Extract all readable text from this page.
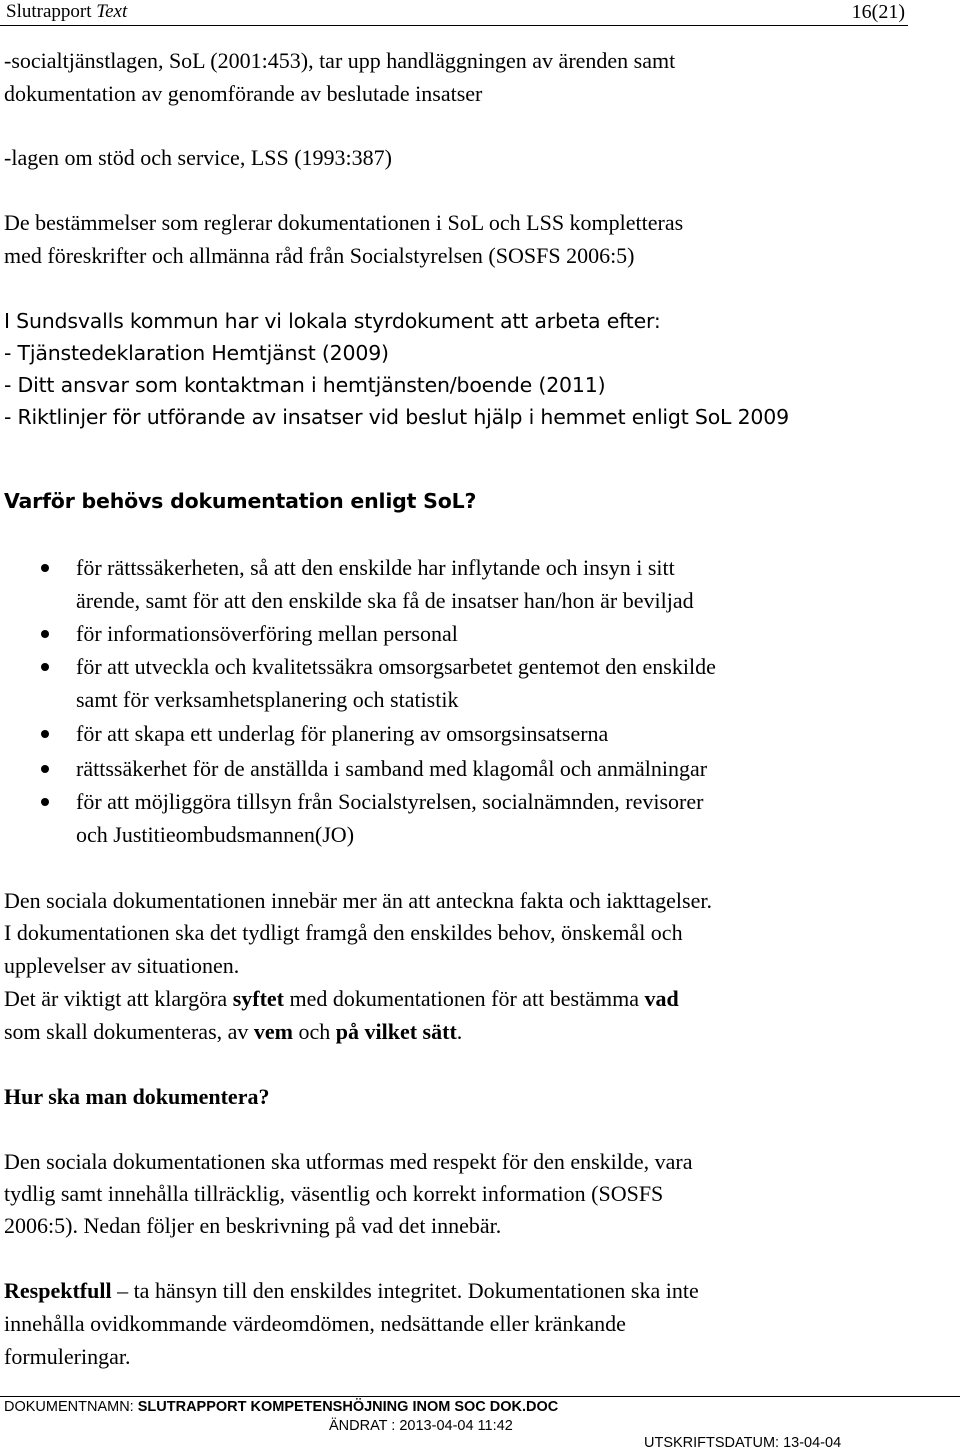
Slutrapport Text	16(21)
-socialtjänstlagen, SoL (2001:453), tar upp handläggningen av ärenden samt
dokumentation av genomförande av beslutade insatser
-lagen om stöd och service, LSS (1993:387)
De bestämmelser som reglerar dokumentationen i SoL och LSS kompletteras
med föreskrifter och allmänna råd från Socialstyrelsen (SOSFS 2006:5)
I Sundsvalls kommun har vi lokala styrdokument att arbeta efter:
- Tjänstedeklaration Hemtjänst (2009)
- Ditt ansvar som kontaktman i hemtjänsten/boende (2011)
- Riktlinjer för utförande av insatser vid beslut hjälp i hemmet enligt SoL 2009
Varför behövs dokumentation enligt SoL?
för rättssäkerheten, så att den enskilde har inflytande och insyn i sitt
ärende, samt för att den enskilde ska få de insatser han/hon är beviljad
för informationsöverföring mellan personal
för att utveckla och kvalitetssäkra omsorgsarbetet gentemot den enskilde
samt för verksamhetsplanering och statistik
för att skapa ett underlag för planering av omsorgsinsatserna
rättssäkerhet för de anställda i samband med klagomål och anmälningar
för att möjliggöra tillsyn från Socialstyrelsen, socialnämnden, revisorer
och Justitieombudsmannen(JO)
Den sociala dokumentationen innebär mer än att anteckna fakta och iakttagelser.
I dokumentationen ska det tydligt framgå den enskildes behov, önskemål och
upplevelser av situationen.
Det är viktigt att klargöra syftet med dokumentationen för att bestämma vad
som skall dokumenteras, av vem och på vilket sätt.
Hur ska man dokumentera?
Den sociala dokumentationen ska utformas med respekt för den enskilde, vara
tydlig samt innehålla tillräcklig, väsentlig och korrekt information (SOSFS
2006:5). Nedan följer en beskrivning på vad det innebär.
Respektfull – ta hänsyn till den enskildes integritet. Dokumentationen ska inte
innehålla ovidkommande värdeomdömen, nedsättande eller kränkande
formuleringar.
DOKUMENTNAMN: SLUTRAPPORT KOMPETENSHÖJNING INOM SOC DOK.DOC
ÄNDRAT : 2013-04-04 11:42
UTSKRIFTSDATUM: 13-04-04
